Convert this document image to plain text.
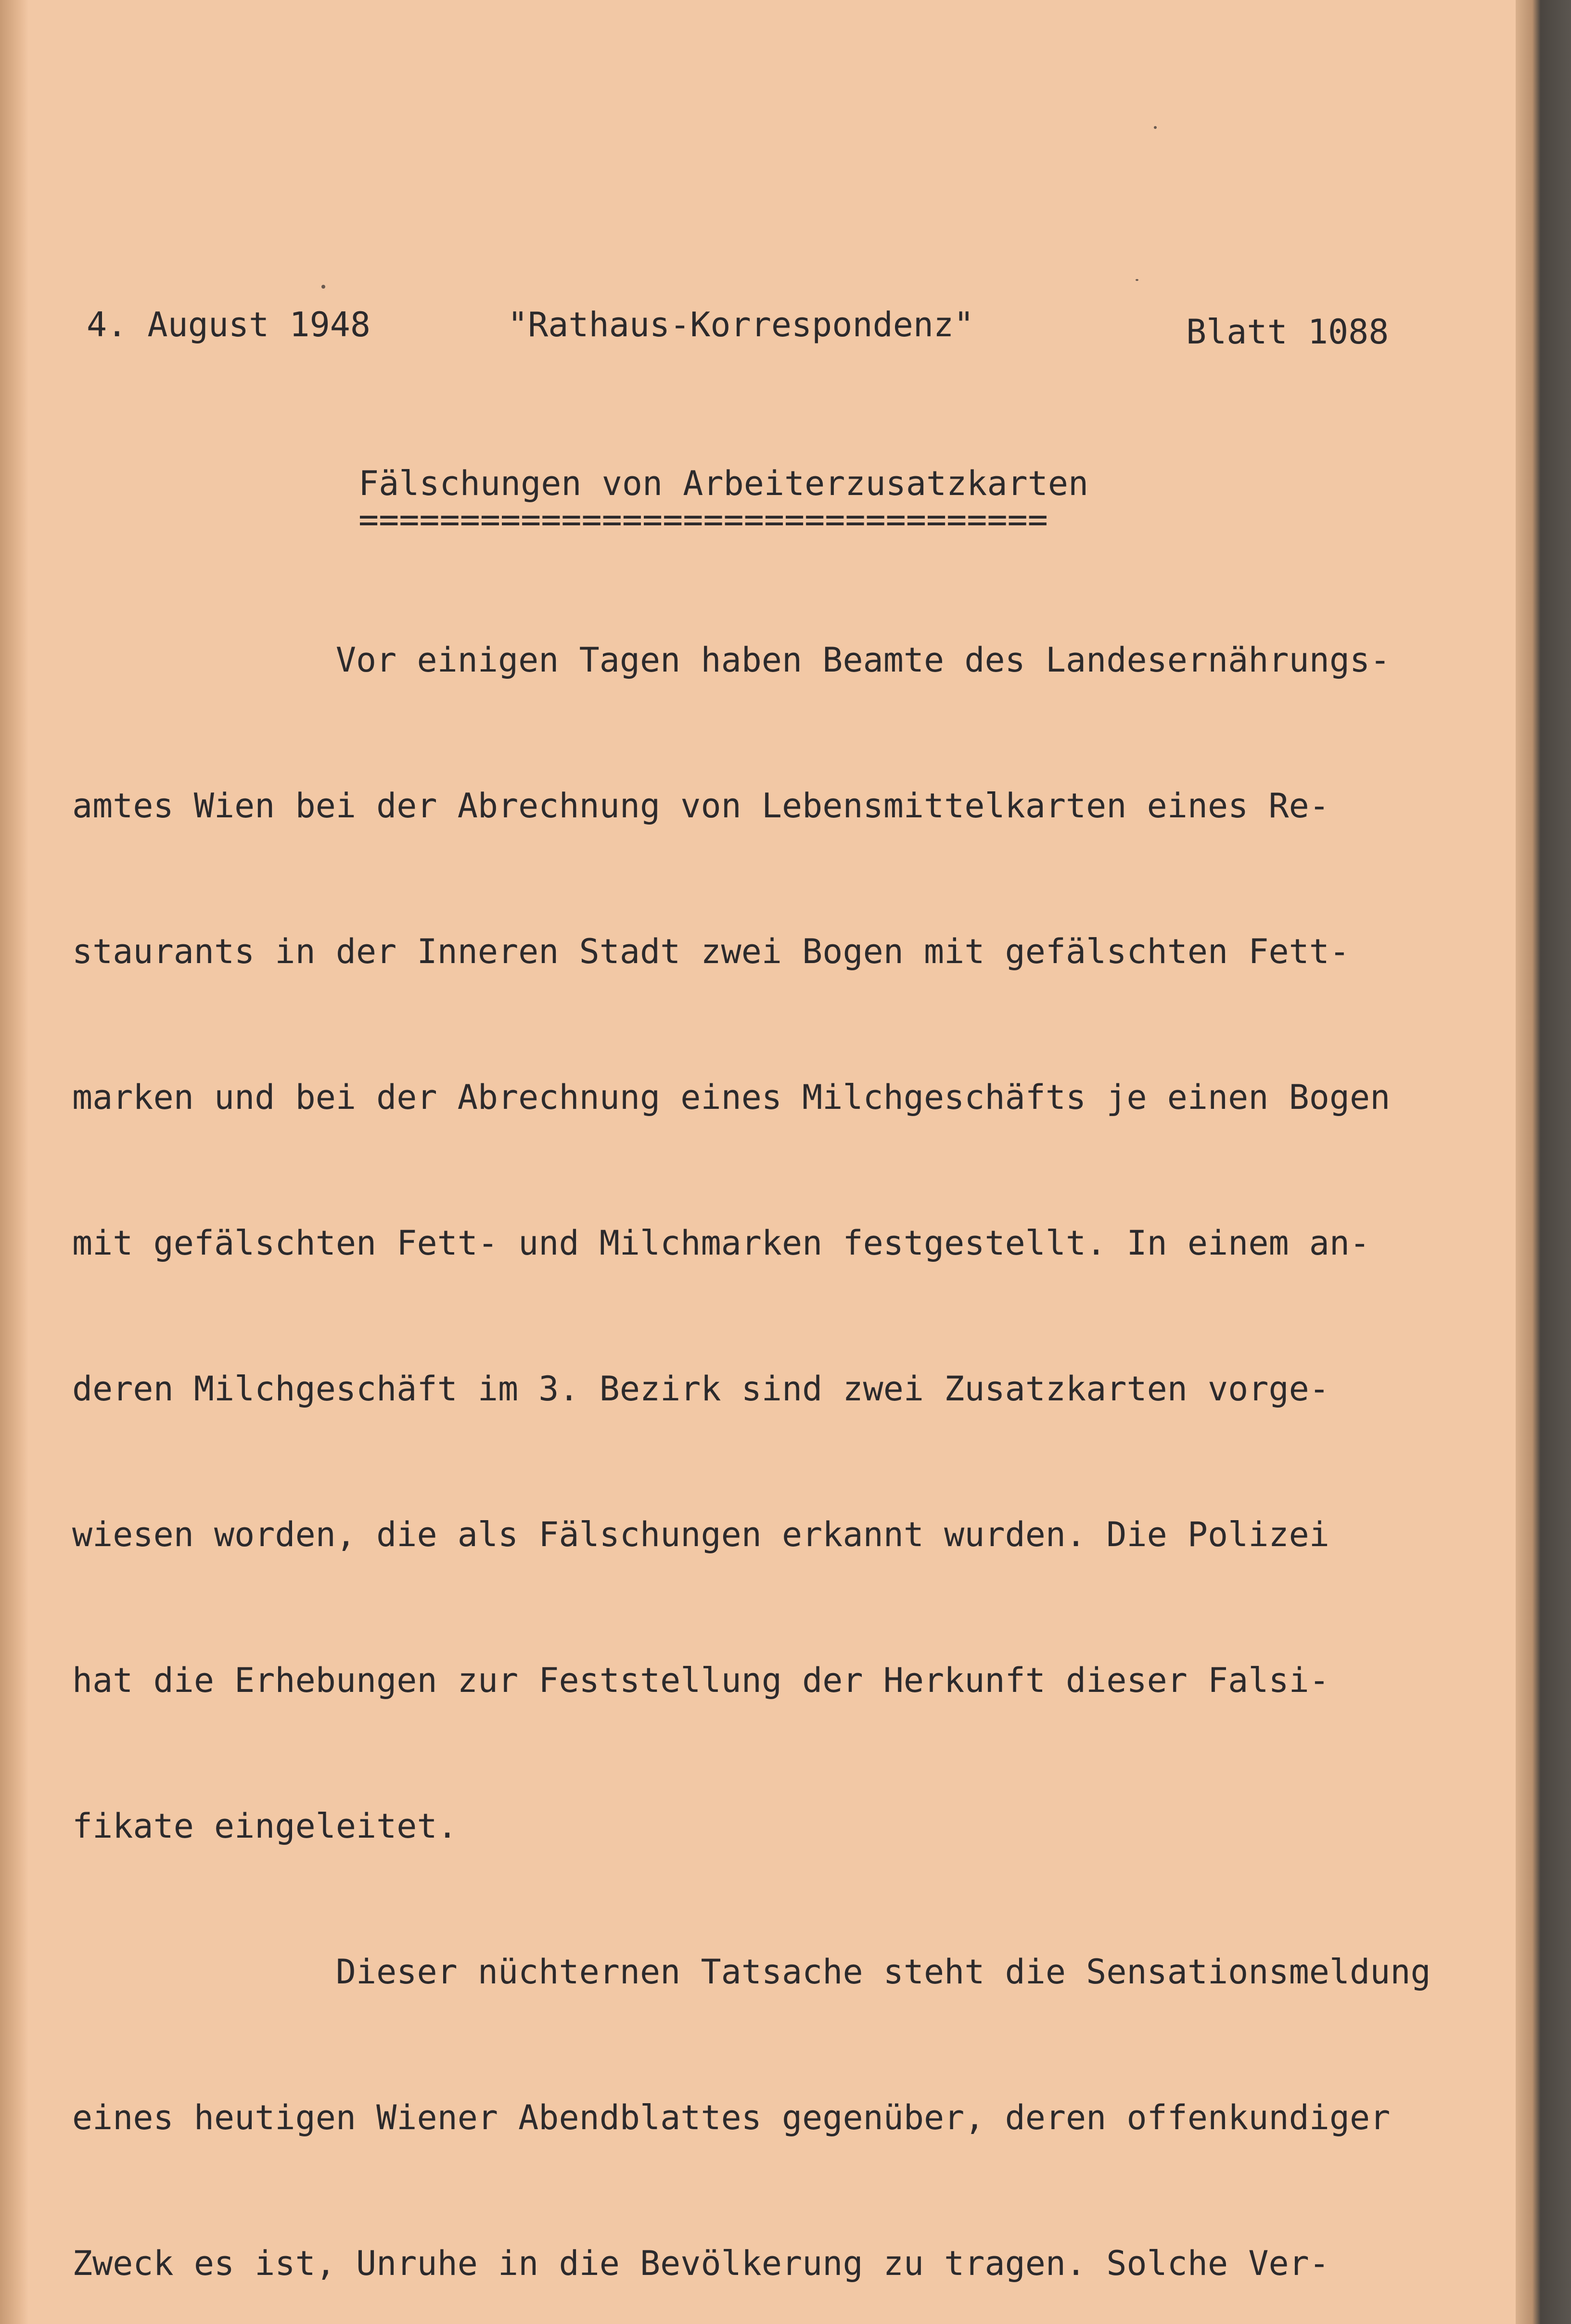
4. August 1948	"Rathaus-Korrespondenz"	Blatt 1088
Fälschungen von Arbeiterzusatzkarten
==================================

Vor einigen Tagen haben Beamte des Landesernährungs-

amtes Wien bei der Abrechnung von Lebensmittelkarten eines Re-

staurants in der Inneren Stadt zwei Bogen mit gefälschten Fett-

marken und bei der Abrechnung eines Milchgeschäfts je einen Bogen

mit gefälschten Fett- und Milchmarken festgestellt. In einem an-

deren Milchgeschäft im 3. Bezirk sind zwei Zusatzkarten vorge-

wiesen worden, die als Fälschungen erkannt wurden. Die Polizei

hat die Erhebungen zur Feststellung der Herkunft dieser Falsi-

fikate eingeleitet.

Dieser nüchternen Tatsache steht die Sensationsmeldung

eines heutigen Wiener Abendblattes gegenüber, deren offenkundiger

Zweck es ist, Unruhe in die Bevölkerung zu tragen. Solche Ver-
